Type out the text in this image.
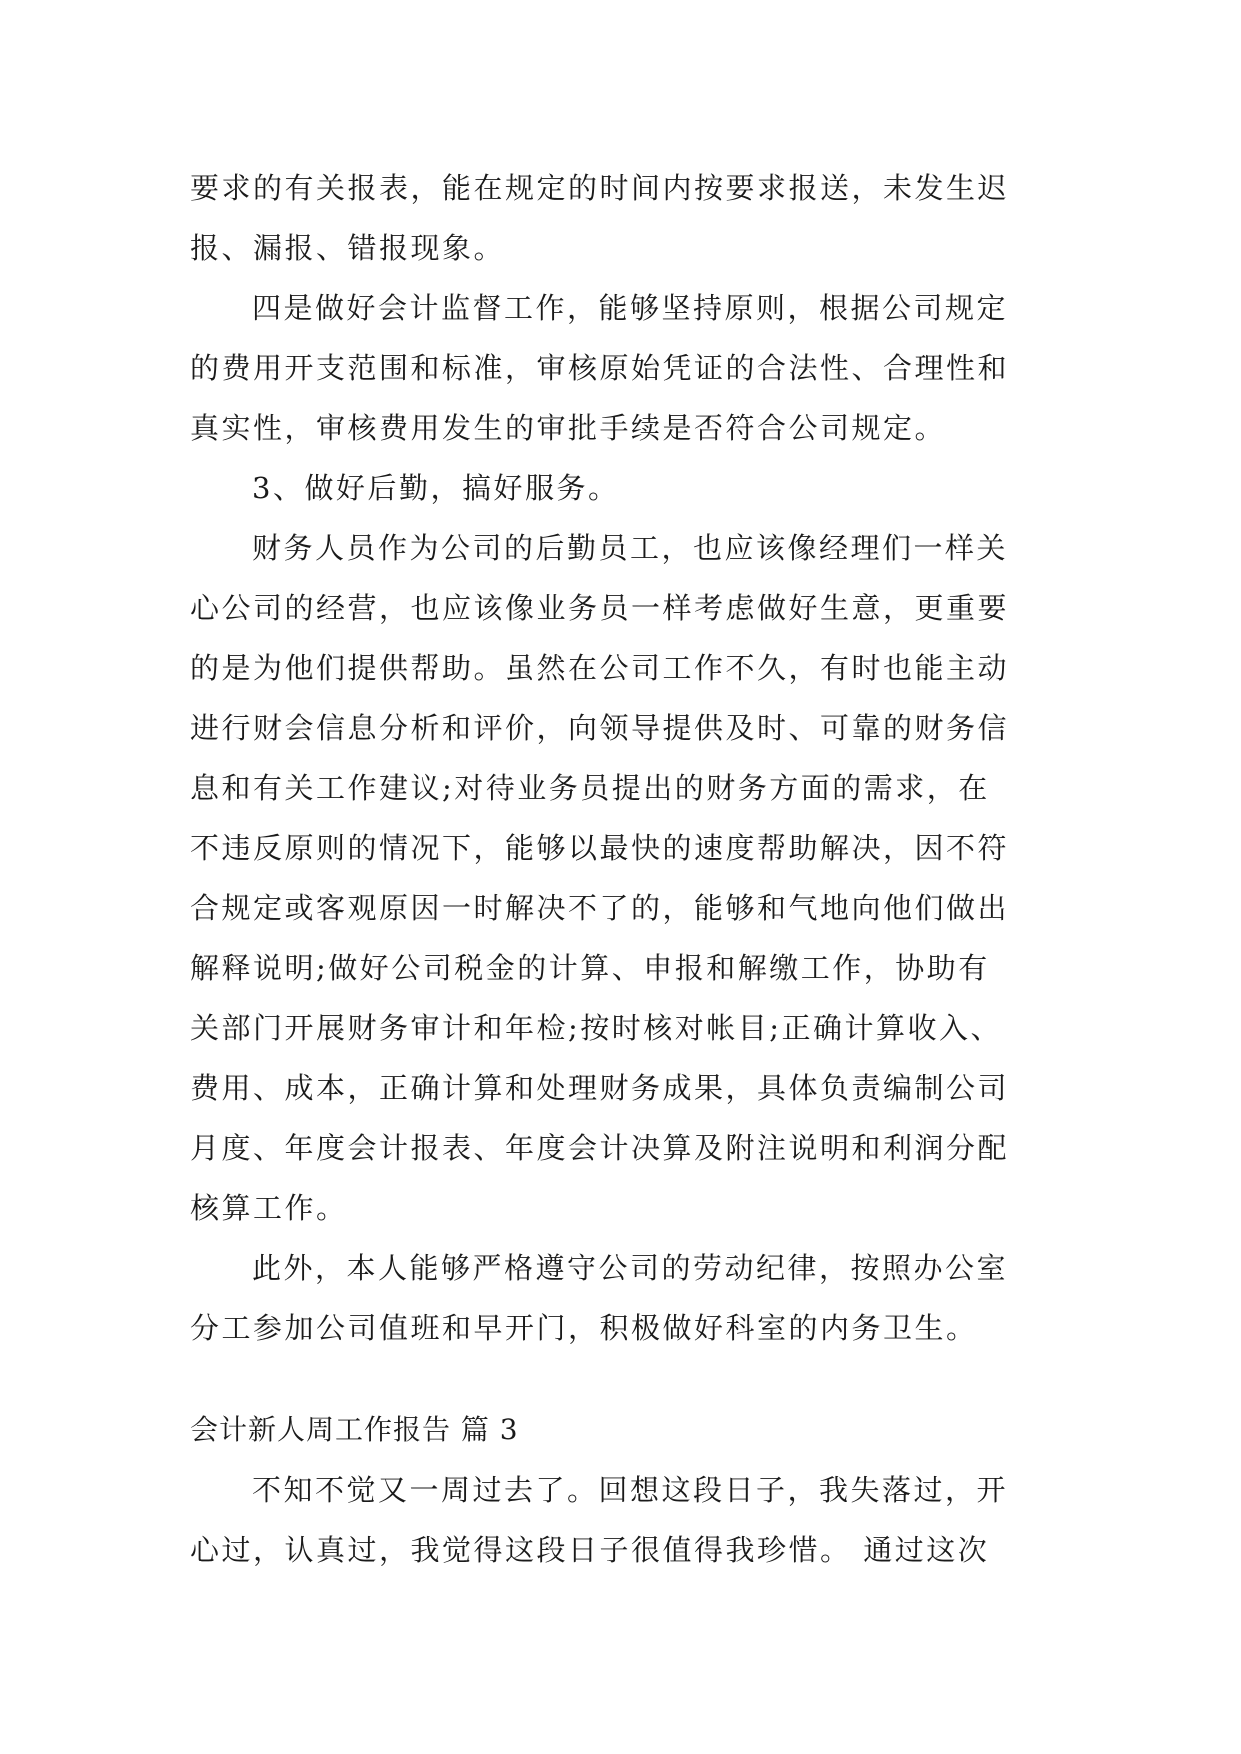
要求的有关报表，能在规定的时间内按要求报送，未发生迟
报、漏报、错报现象。
四是做好会计监督工作，能够坚持原则，根据公司规定
的费用开支范围和标准，审核原始凭证的合法性、合理性和
真实性，审核费用发生的审批手续是否符合公司规定。
3、做好后勤，搞好服务。
财务人员作为公司的后勤员工，也应该像经理们一样关
心公司的经营，也应该像业务员一样考虑做好生意，更重要
的是为他们提供帮助。虽然在公司工作不久，有时也能主动
进行财会信息分析和评价，向领导提供及时、可靠的财务信
息和有关工作建议;对待业务员提出的财务方面的需求，在
不违反原则的情况下，能够以最快的速度帮助解决，因不符
合规定或客观原因一时解决不了的，能够和气地向他们做出
解释说明;做好公司税金的计算、申报和解缴工作，协助有
关部门开展财务审计和年检;按时核对帐目;正确计算收入、
费用、成本，正确计算和处理财务成果，具体负责编制公司
月度、年度会计报表、年度会计决算及附注说明和利润分配
核算工作。
此外，本人能够严格遵守公司的劳动纪律，按照办公室
分工参加公司值班和早开门，积极做好科室的内务卫生。
会计新人周工作报告 篇 3
不知不觉又一周过去了。回想这段日子，我失落过，开
心过，认真过，我觉得这段日子很值得我珍惜。 通过这次
